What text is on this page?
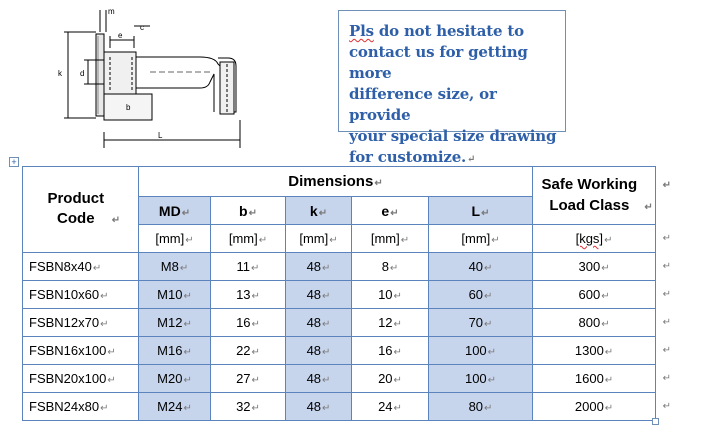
m
e
c
k d
b
L

Pls do not hesitate to

contact us for getting more

difference size, or provide

your special size drawing

for customize.↵

+
Product Code ↵	Dimensions↵					Safe Working Load Class ↵
↵

	MD↵	b↵	k↵	e↵	L↵	
	[mm]↵	[mm]↵	[mm]↵	[mm]↵	[mm]↵	[kgs]↵ ↵

FSBN8x40↵	M8↵	11↵	48↵	8↵	40↵	300↵ ↵

FSBN10x60↵	M10↵	13↵	48↵	10↵	60↵	600↵ ↵

FSBN12x70↵	M12↵	16↵	48↵	12↵	70↵	800↵ ↵

FSBN16x100↵	M16↵	22↵	48↵	16↵	100↵	1300↵ ↵

FSBN20x100↵	M20↵	27↵	48↵	20↵	100↵	1600↵ ↵

FSBN24x80↵	M24↵	32↵	48↵	24↵	80↵	2000↵ ↵
